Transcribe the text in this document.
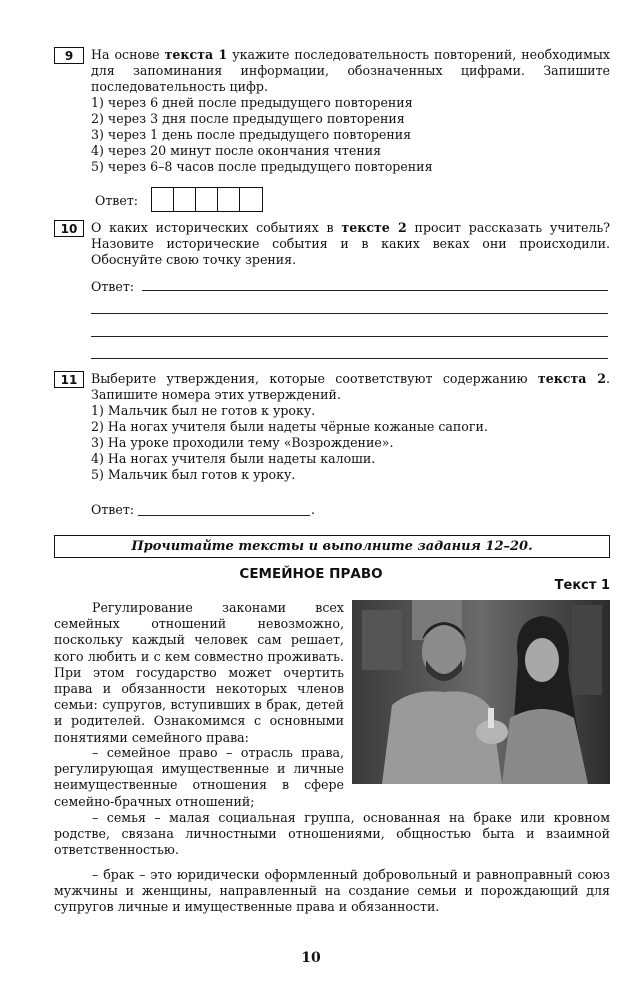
9	На основе текста 1 укажите последовательность повторений, необходимых для запоминания информации, обозначенных цифрами. Запишите последовательность цифр.
1) через 6 дней после предыдущего повторения
2) через 3 дня после предыдущего повторения
3) через 1 день после предыдущего повторения
4) через 20 минут после окончания чтения
5) через 6–8 часов после предыдущего повторения
Ответ:
10	О каких исторических событиях в тексте 2 просит рассказать учитель? Назовите исторические события и в каких веках они происходили. Обоснуйте свою точку зрения.
Ответ:
11	Выберите утверждения, которые соответствуют содержанию текста 2. Запишите номера этих утверждений.
1) Мальчик был не готов к уроку.
2) На ногах учителя были надеты чёрные кожаные сапоги.
3) На уроке проходили тему «Возрождение».
4) На ногах учителя были надеты калоши.
5) Мальчик был готов к уроку.
Ответ:	.
Прочитайте тексты и выполните задания 12–20.
СЕМЕЙНОЕ ПРАВО
Текст 1
Регулирование законами всех семейных отношений невозможно, поскольку каждый человек сам решает, кого любить и с кем совместно проживать. При этом государство может очертить права и обязанности некоторых членов семьи: супругов, вступивших в брак, детей и родителей. Ознакомимся с основными понятиями семейного права:
– семейное право – отрасль права, регулирующая имущественные и личные неимущественные отношения в сфере семейно-брачных отношений;
– семья – малая социальная группа, основанная на браке или кровном родстве, связана личностными отношениями, общностью быта и взаимной ответственностью.
– брак – это юридически оформленный добровольный и равноправный союз мужчины и женщины, направленный на создание семьи и порождающий для супругов личные и имущественные права и обязанности.
10
